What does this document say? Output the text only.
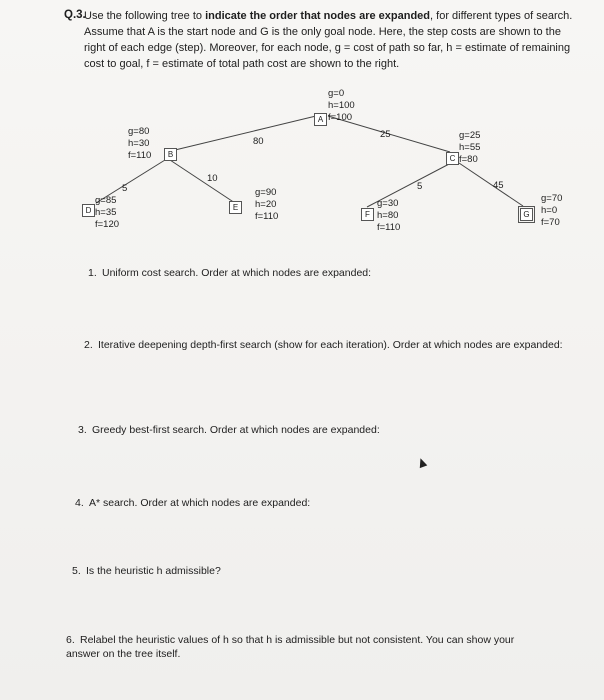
Q.3.
Use the following tree to indicate the order that nodes are expanded, for different types of search. Assume that A is the start node and G is the only goal node. Here, the step costs are shown to the right of each edge (step). Moreover, for each node, g = cost of path so far, h = estimate of remaining cost to goal, f = estimate of total path cost are shown to the right.
80
25
5
10
5	45
A
g=0
h=100
f=100
B
g=80
h=30
f=110	C
g=25
h=55
f=80
D
g=85
h=35
f=120
E
g=90
h=20
f=110	F
g=30
h=80
f=110
G
g=70
h=0
f=70
1. Uniform cost search. Order at which nodes are expanded:
2. Iterative deepening depth-first search (show for each iteration). Order at which nodes are expanded:
3. Greedy best-first search. Order at which nodes are expanded:
4. A* search. Order at which nodes are expanded:
5. Is the heuristic h admissible?
6. Relabel the heuristic values of h so that h is admissible but not consistent. You can show your answer on the tree itself.
